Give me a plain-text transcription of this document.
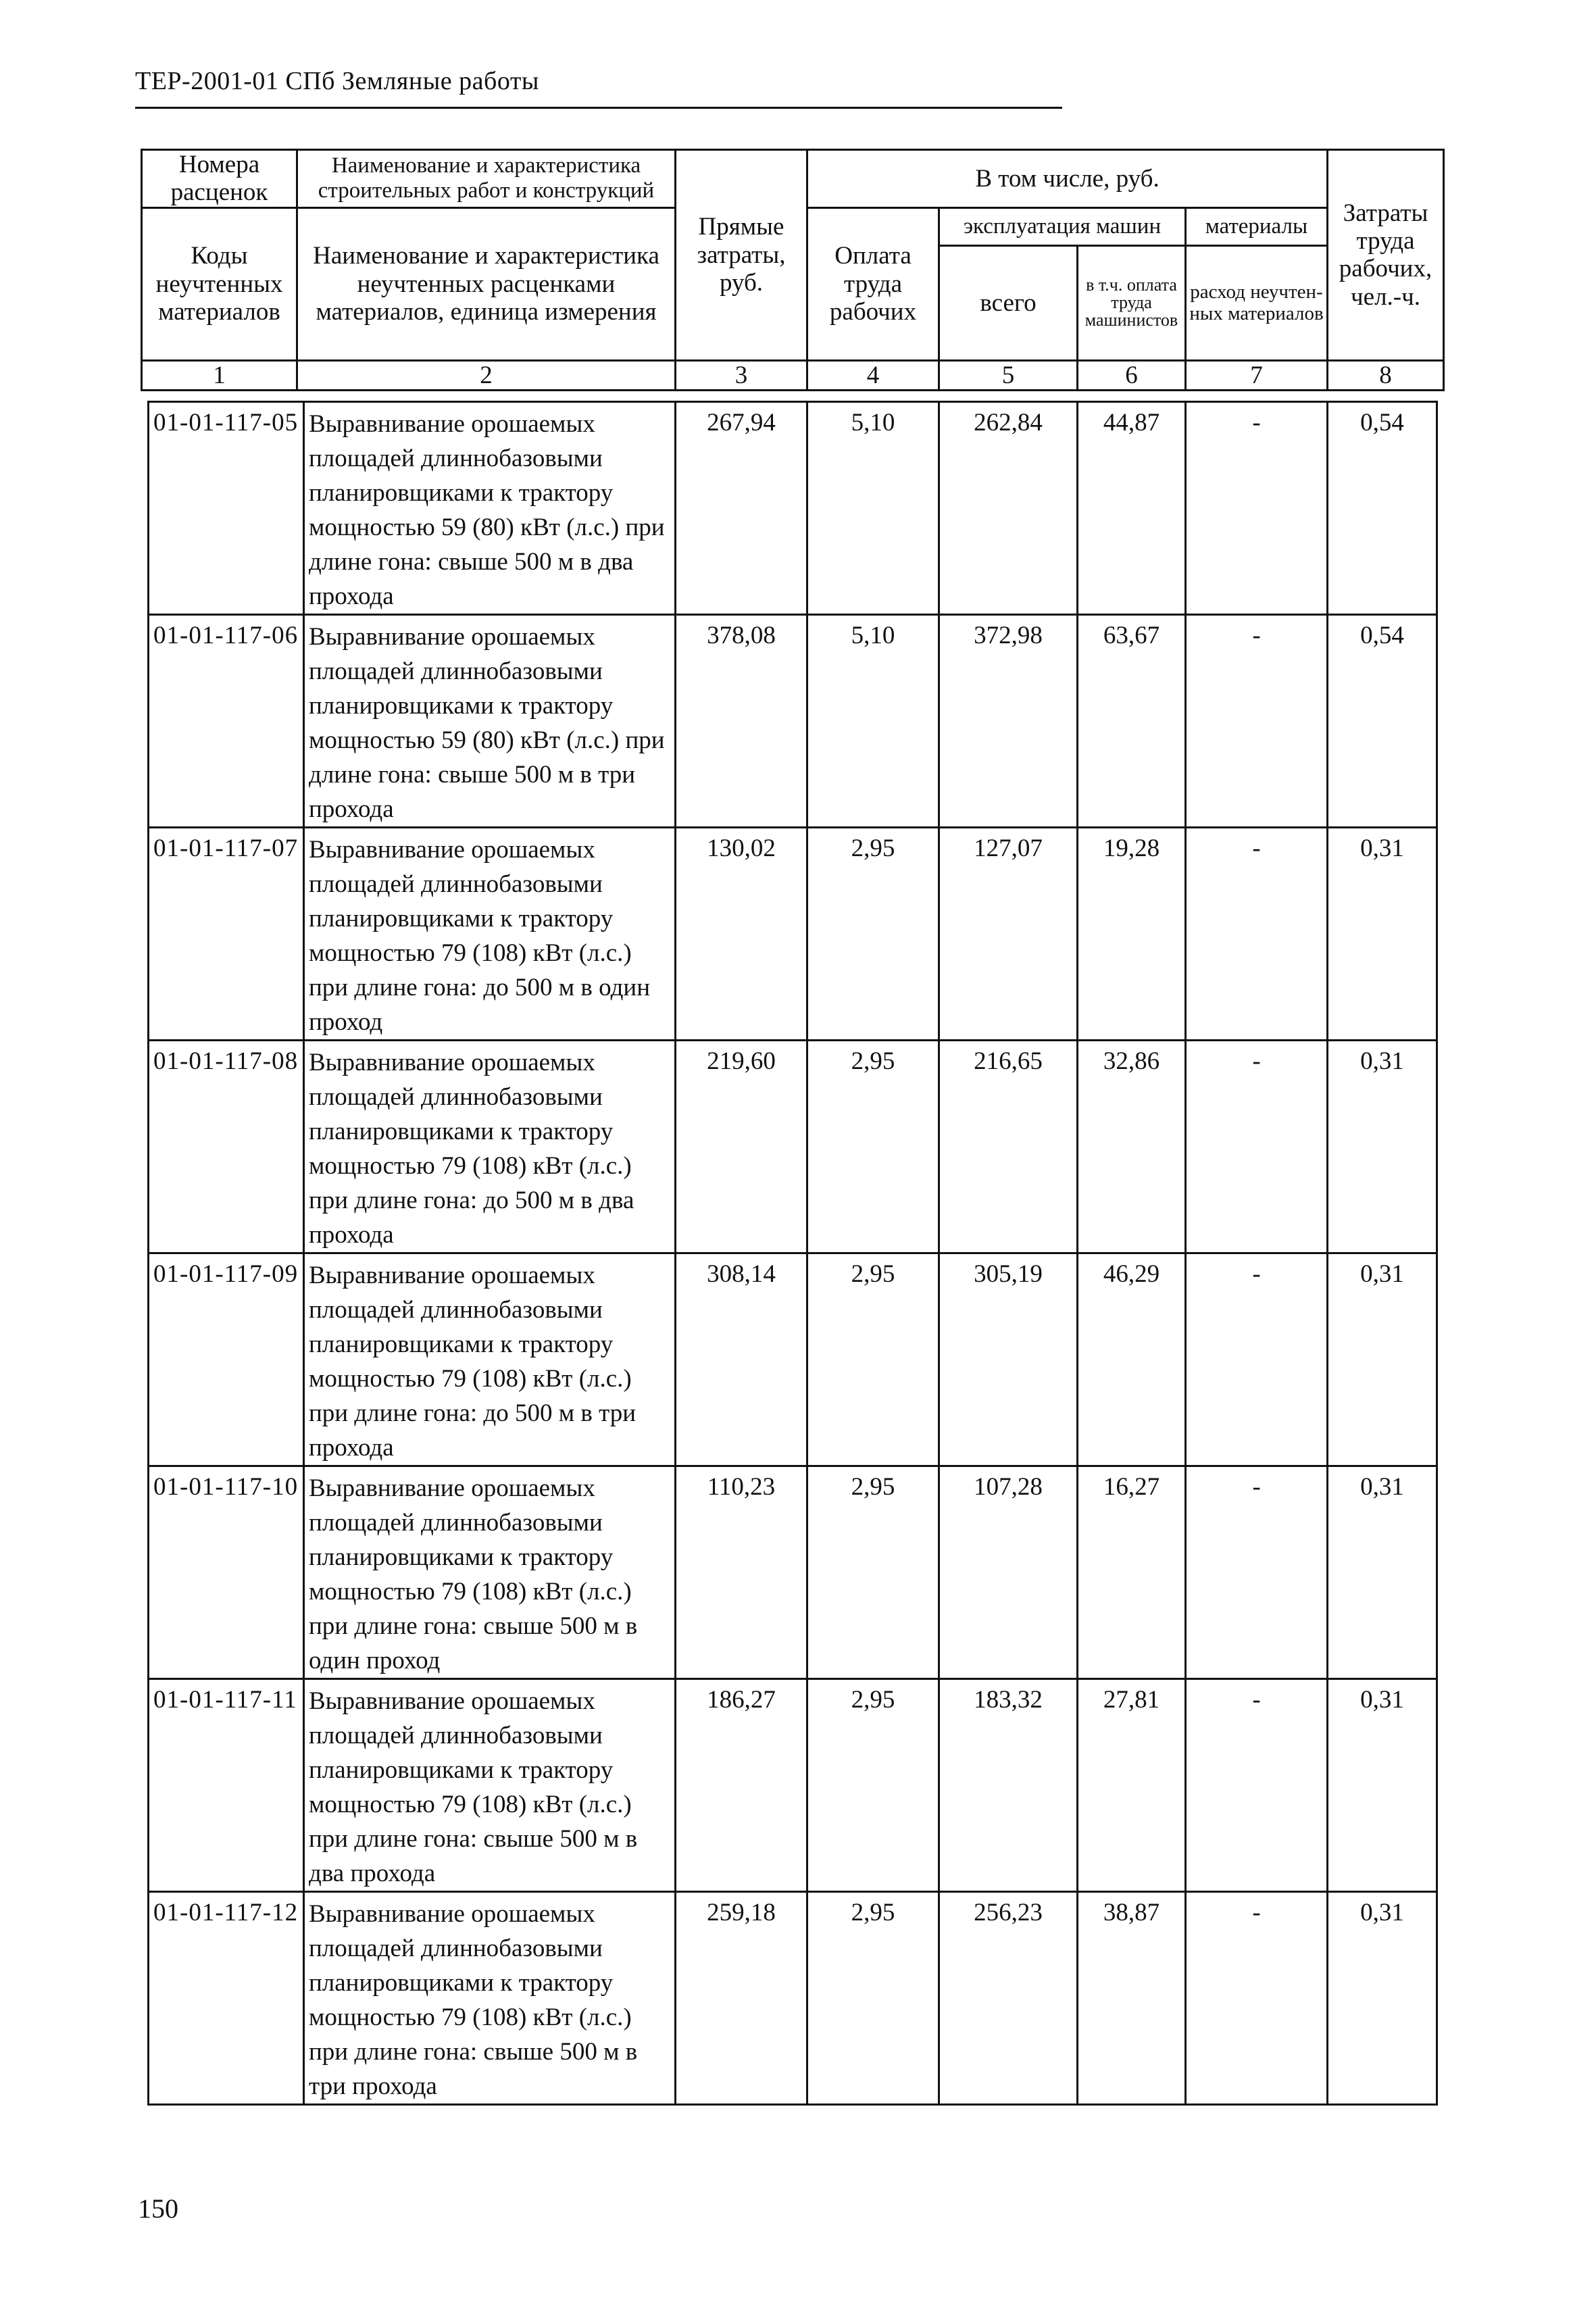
ТЕР-2001-01 СПб Земляные работы
Номера расценок	Наименование и характеристика строительных работ и конструкций	Прямые затраты, руб.	В том числе, руб.				Затраты труда рабочих, чел.-ч.
Коды неучтенных материалов	Наименование и характеристика неучтенных расценками материалов, единица измерения		Оплата труда рабочих	эксплуатация машин		материалы	
				всего	в т.ч. оплата труда машинистов	расход неучтен-ных материалов	
1	2	3	4	5	6	7	8
01-01-117-05	Выравнивание орошаемых площадей длиннобазовыми планировщиками к трактору мощностью 59 (80) кВт (л.с.) при длине гона: свыше 500 м в два прохода	267,94	5,10	262,84	44,87	-	0,54
01-01-117-06	Выравнивание орошаемых площадей длиннобазовыми планировщиками к трактору мощностью 59 (80) кВт (л.с.) при длине гона: свыше 500 м в три прохода	378,08	5,10	372,98	63,67	-	0,54
01-01-117-07	Выравнивание орошаемых площадей длиннобазовыми планировщиками к трактору мощностью 79 (108) кВт (л.с.) при длине гона: до 500 м в один проход	130,02	2,95	127,07	19,28	-	0,31
01-01-117-08	Выравнивание орошаемых площадей длиннобазовыми планировщиками к трактору мощностью 79 (108) кВт (л.с.) при длине гона: до 500 м в два прохода	219,60	2,95	216,65	32,86	-	0,31
01-01-117-09	Выравнивание орошаемых площадей длиннобазовыми планировщиками к трактору мощностью 79 (108) кВт (л.с.) при длине гона: до 500 м в три прохода	308,14	2,95	305,19	46,29	-	0,31
01-01-117-10	Выравнивание орошаемых площадей длиннобазовыми планировщиками к трактору мощностью 79 (108) кВт (л.с.) при длине гона: свыше 500 м в один проход	110,23	2,95	107,28	16,27	-	0,31
01-01-117-11	Выравнивание орошаемых площадей длиннобазовыми планировщиками к трактору мощностью 79 (108) кВт (л.с.) при длине гона: свыше 500 м в два прохода	186,27	2,95	183,32	27,81	-	0,31
01-01-117-12	Выравнивание орошаемых площадей длиннобазовыми планировщиками к трактору мощностью 79 (108) кВт (л.с.) при длине гона: свыше 500 м в три прохода	259,18	2,95	256,23	38,87	-	0,31
150
